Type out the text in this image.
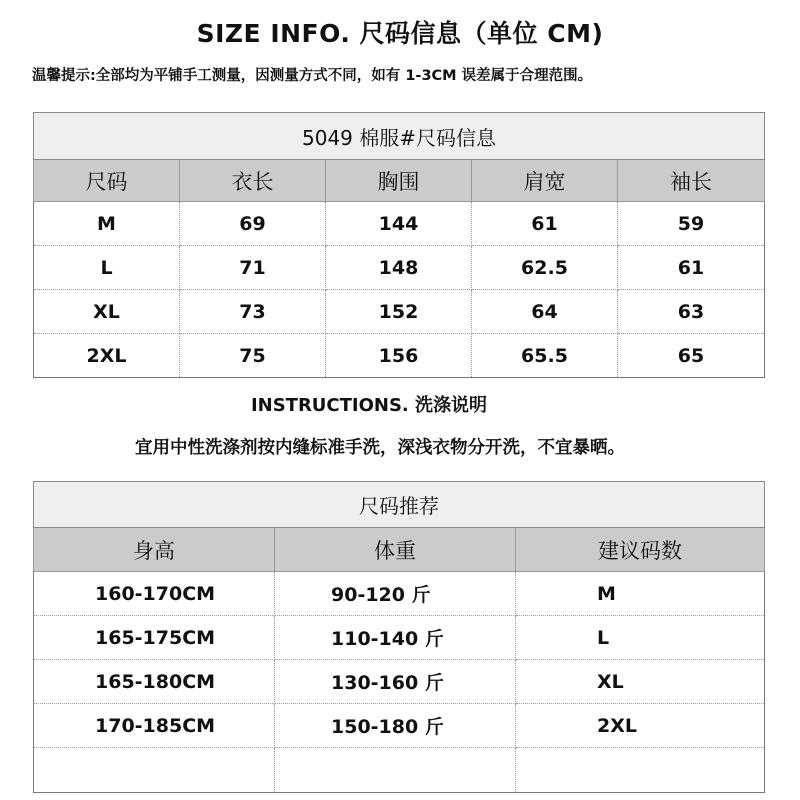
SIZE INFO. 尺码信息（单位 CM)
温馨提示:全部均为平铺手工测量，因测量方式不同，如有 1-3CM 误差属于合理范围。
5049 棉服#尺码信息				
尺码	衣长	胸围	肩宽	袖长
M	69	144	61	59
L	71	148	62.5	61
XL	73	152	64	63
2XL	75	156	65.5	65
INSTRUCTIONS. 洗涤说明
宜用中性洗涤剂按内缝标准手洗，深浅衣物分开洗，不宜暴晒。
尺码推荐		
身高	体重	建议码数
160-170CM	90-120 斤	M
165-175CM	110-140 斤	L
165-180CM	130-160 斤	XL
170-185CM	150-180 斤	2XL
